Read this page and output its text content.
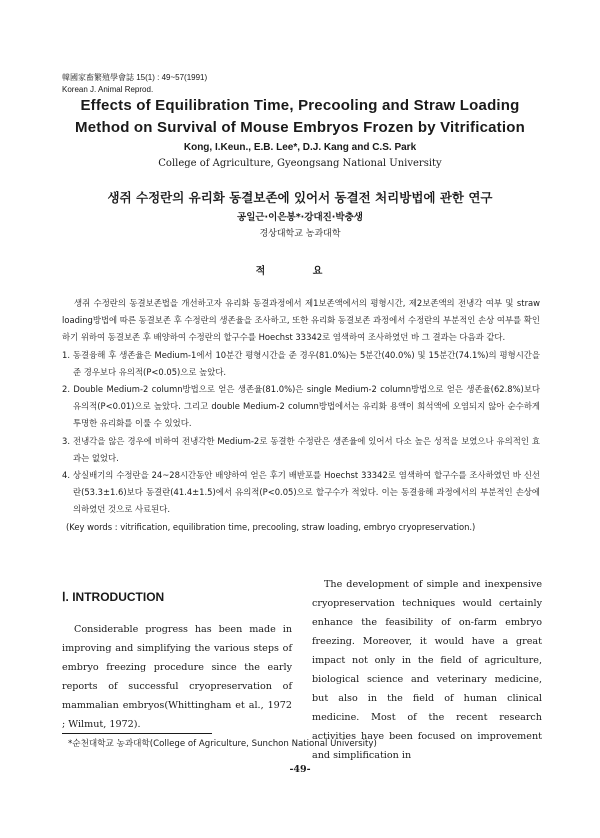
韓國家畜繁殖學會誌 15(1) : 49~57(1991)
Korean J. Animal Reprod.
Effects of Equilibration Time, Precooling and Straw Loading
Method on Survival of Mouse Embryos Frozen by Vitrification
Kong, I.Keun., E.B. Lee*, D.J. Kang and C.S. Park
College of Agriculture, Gyeongsang National University
생쥐 수정란의 유리화 동결보존에 있어서 동결전 처리방법에 관한 연구
공일근·이은봉*·강대진·박충생
경상대학교 농과대학
적 요

생쥐 수정란의 동결보존법을 개선하고자 유리화 동결과정에서 제1보존액에서의 평형시간, 제2보존액의 전냉각 여부 및 straw loading방법에 따른 동결보존 후 수정란의 생존율을 조사하고, 또한 유리화 동결보존 과정에서 수정란의 부분적인 손상 여부를 확인하기 위하여 동결보존 후 배양하여 수정란의 할구수를 Hoechst 33342로 염색하여 조사하였던 바 그 결과는 다음과 같다.

1. 동결융해 후 생존율은 Medium-1에서 10분간 평형시간을 준 경우(81.0%)는 5분간(40.0%) 및 15분간(74.1%)의 평형시간을 준 경우보다 유의적(P<0.05)으로 높았다.

2. Double Medium-2 column방법으로 얻은 생존율(81.0%)은 single Medium-2 column방법으로 얻은 생존율(62.8%)보다 유의적(P<0.01)으로 높았다. 그리고 double Medium-2 column방법에서는 유리화 용액이 희석액에 오염되지 않아 순수하게 투명한 유리화를 이룰 수 있었다.

3. 전냉각을 않은 경우에 비하여 전냉각한 Medium-2로 동결한 수정란은 생존율에 있어서 다소 높은 성적을 보였으나 유의적인 효과는 없었다.

4. 상실배기의 수정란을 24~28시간동안 배양하여 얻은 후기 배반포를 Hoechst 33342로 염색하여 할구수를 조사하였던 바 신선란(53.3±1.6)보다 동결란(41.4±1.5)에서 유의적(P<0.05)으로 할구수가 적었다. 이는 동결융해 과정에서의 부분적인 손상에 의하였던 것으로 사료된다.

(Key words : vitrification, equilibration time, precooling, straw loading, embryo cryopreservation.)

Ⅰ. INTRODUCTION

Considerable progress has been made in improving and simplifying the various steps of embryo freezing procedure since the early reports of successful cryopreservation of mammalian embryos(Whittingham et al., 1972 ; Wilmut, 1972).

The development of simple and inexpensive cryopreservation techniques would certainly enhance the feasibility of on-farm embryo freezing. Moreover, it would have a great impact not only in the field of agriculture, biological science and veterinary medicine, but also in the field of human clinical medicine. Most of the recent research activities have been focused on improvement and simplification in

*순천대학교 농과대학(College of Agriculture, Sunchon National University)
-49-
